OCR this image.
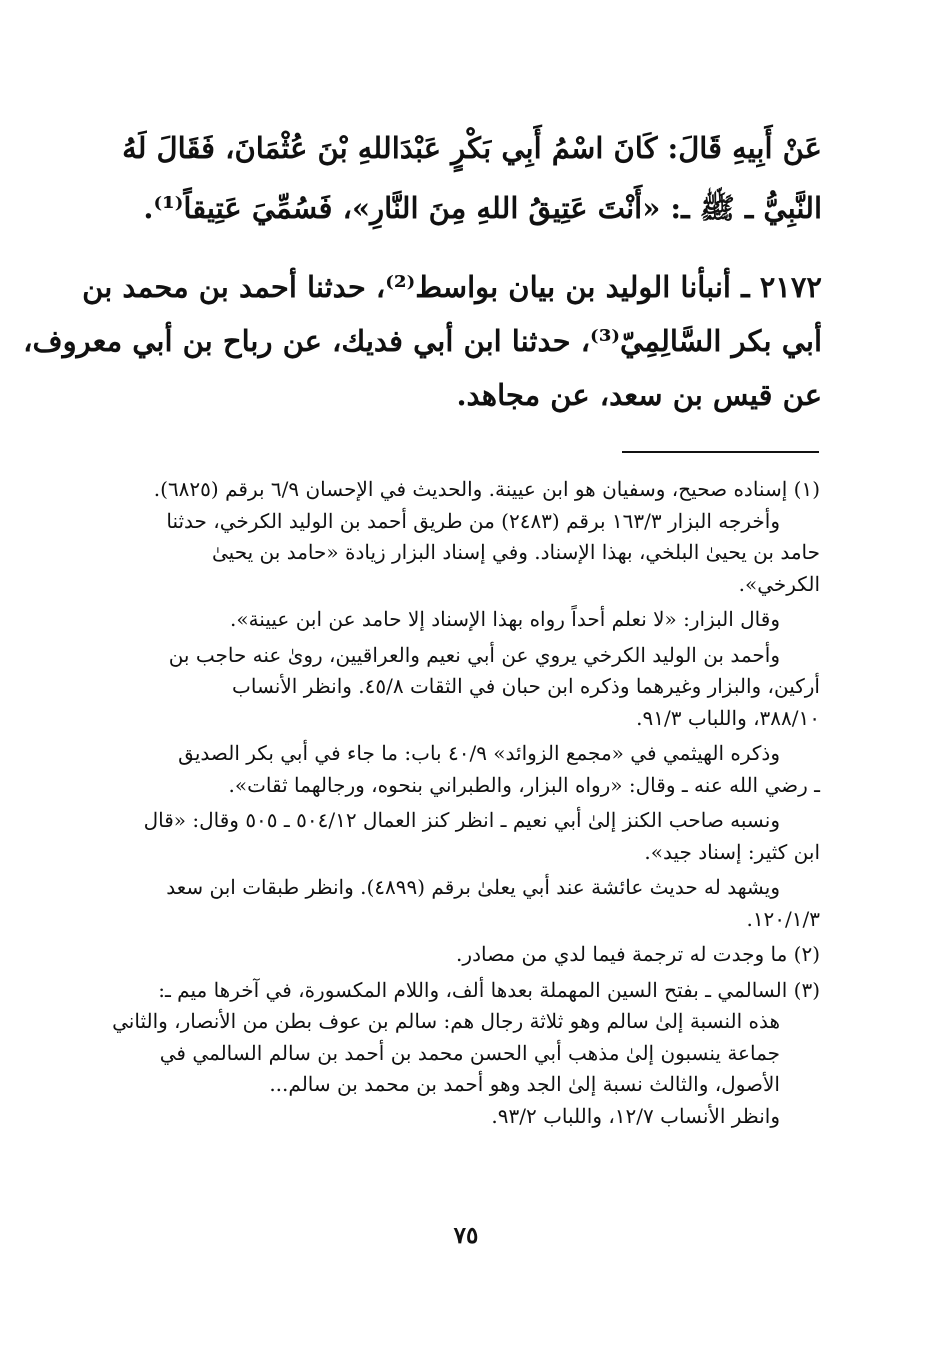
عَنْ أَبِيهِ قَالَ: كَانَ اسْمُ أَبِي بَكْرٍ عَبْدَاللهِ بْنَ عُثْمَانَ، فَقَالَ لَهُ
النَّبِيُّ ـ ﷺ ـ: «أَنْتَ عَتِيقُ اللهِ مِنَ النَّارِ»، فَسُمِّيَ عَتِيقاً⁽¹⁾.
٢١٧٢ ـ أنبأنا الوليد بن بيان بواسط⁽²⁾، حدثنا أحمد بن محمد بن
أبي بكر السَّالِمِيّ⁽³⁾، حدثنا ابن أبي فديك، عن رباح بن أبي معروف،
عن قيس بن سعد، عن مجاهد.
(١) إسناده صحيح، وسفيان هو ابن عيينة. والحديث في الإحسان ٦/٩ برقم (٦٨٢٥).
وأخرجه البزار ١٦٣/٣ برقم (٢٤٨٣) من طريق أحمد بن الوليد الكرخي، حدثنا
حامد بن يحيىٰ البلخي، بهذا الإسناد. وفي إسناد البزار زيادة «حامد بن يحيىٰ
الكرخي».
وقال البزار: «لا نعلم أحداً رواه بهذا الإسناد إلا حامد عن ابن عيينة».
وأحمد بن الوليد الكرخي يروي عن أبي نعيم والعراقيين، روىٰ عنه حاجب بن
أركين، والبزار وغيرهما وذكره ابن حبان في الثقات ٤٥/٨. وانظر الأنساب
٣٨٨/١٠، واللباب ٩١/٣.
وذكره الهيثمي في «مجمع الزوائد» ٤٠/٩ باب: ما جاء في أبي بكر الصديق
ـ رضي الله عنه ـ وقال: «رواه البزار، والطبراني بنحوه، ورجالهما ثقات».
ونسبه صاحب الكنز إلىٰ أبي نعيم ـ انظر كنز العمال ٥٠٤/١٢ ـ ٥٠٥ وقال: «قال
ابن كثير: إسناد جيد».
ويشهد له حديث عائشة عند أبي يعلىٰ برقم (٤٨٩٩). وانظر طبقات ابن سعد
١٢٠/١/٣.
(٢) ما وجدت له ترجمة فيما لدي من مصادر.
(٣) السالمي ـ بفتح السين المهملة بعدها ألف، واللام المكسورة، في آخرها ميم ـ:
هذه النسبة إلىٰ سالم وهو ثلاثة رجال هم: سالم بن عوف بطن من الأنصار، والثاني
جماعة ينسبون إلىٰ مذهب أبي الحسن محمد بن أحمد بن سالم السالمي في
الأصول، والثالث نسبة إلىٰ الجد وهو أحمد بن محمد بن سالم...
وانظر الأنساب ١٢/٧، واللباب ٩٣/٢.
٧٥
